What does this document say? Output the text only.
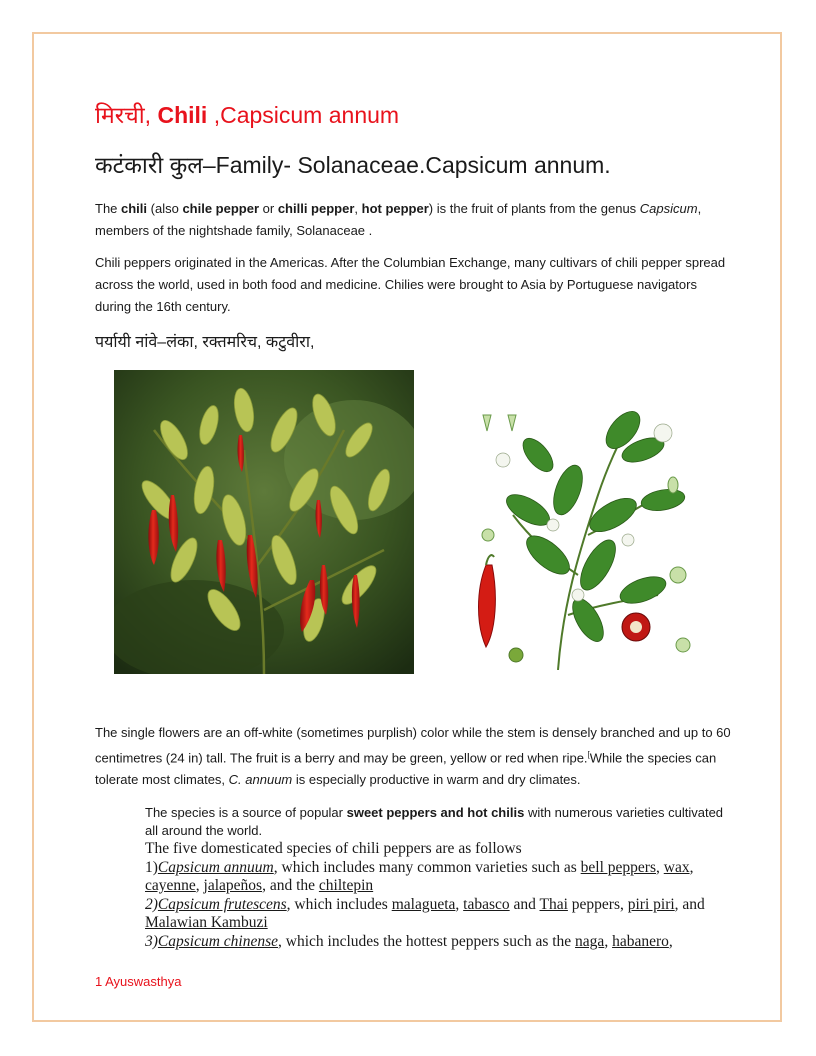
मिरची, Chili ,Capsicum annum
कटंकारी कुल–Family- Solanaceae.Capsicum annum.

The chili (also chile pepper or chilli pepper, hot pepper) is the fruit of plants from the genus Capsicum, members of the nightshade family, Solanaceae .

Chili peppers originated in the Americas. After the Columbian Exchange, many cultivars of chili pepper spread across the world, used in both food and medicine. Chilies were brought to Asia by Portuguese navigators during the 16th century.

पर्यायी नांवे–लंका, रक्तमरिच, कटुवीरा,

The single flowers are an off-white (sometimes purplish) color while the stem is densely branched and up to 60 centimetres (24 in) tall. The fruit is a berry and may be green, yellow or red when ripe.[While the species can tolerate most climates, C. annuum is especially productive in warm and dry climates.

The species is a source of popular sweet peppers and hot chilis with numerous varieties cultivated all around the world.

The five domesticated species of chili peppers are as follows

1)Capsicum annuum, which includes many common varieties such as bell peppers, wax, cayenne, jalapeños, and the chiltepin

2)Capsicum frutescens, which includes malagueta, tabasco and Thai peppers, piri piri, and Malawian Kambuzi

3)Capsicum chinense, which includes the hottest peppers such as the naga, habanero,

1 Ayuswasthya
